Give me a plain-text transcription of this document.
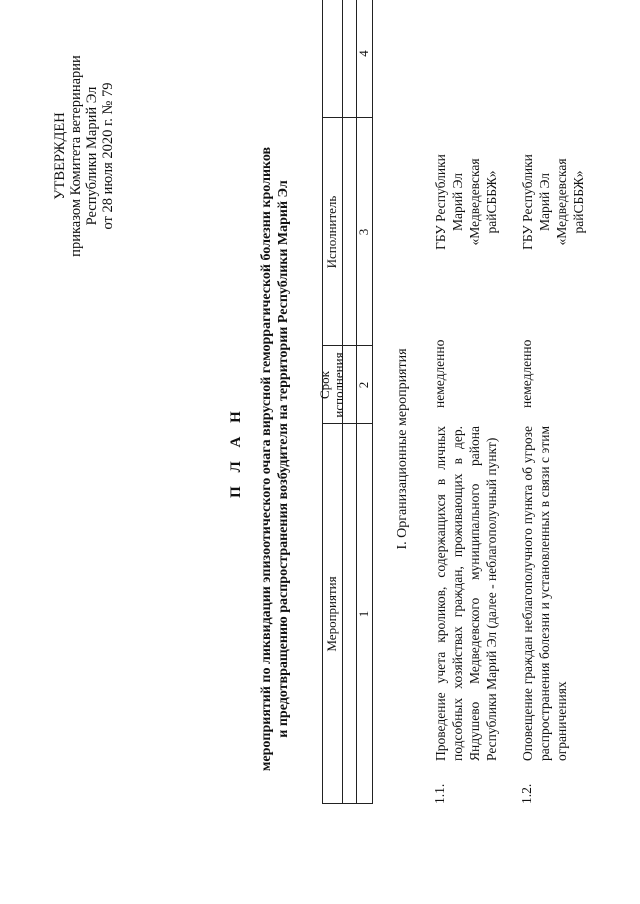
УТВЕРЖДЕН приказом Комитета ветеринарии Республики Марий Эл от 28 июля 2020 г. № 79
П Л А Н мероприятий по ликвидации эпизоотического очага вирусной геморрагической болезни кроликов и предотвращению распространения возбудителя на территории Республики Марий Эл	Мероприятия
Срок исполнения
Исполнитель
1
2
3
4
I. Организационные мероприятия
1.1.
Проведение учета кроликов, содержащихся в личных подсобных хозяйствах граждан, проживающих в дер. Яндушево Медведевского муниципального района Республики Марий Эл (далее - неблагополучный пункт)
немедленно
ГБУ Республики Марий Эл «Медведевская райСББЖ»
1.2.
Оповещение граждан неблагополучного пункта об угрозе распространения болезни и установленных в связи с этим ограничениях
немедленно
ГБУ Республики Марий Эл «Медведевская райСББЖ»
